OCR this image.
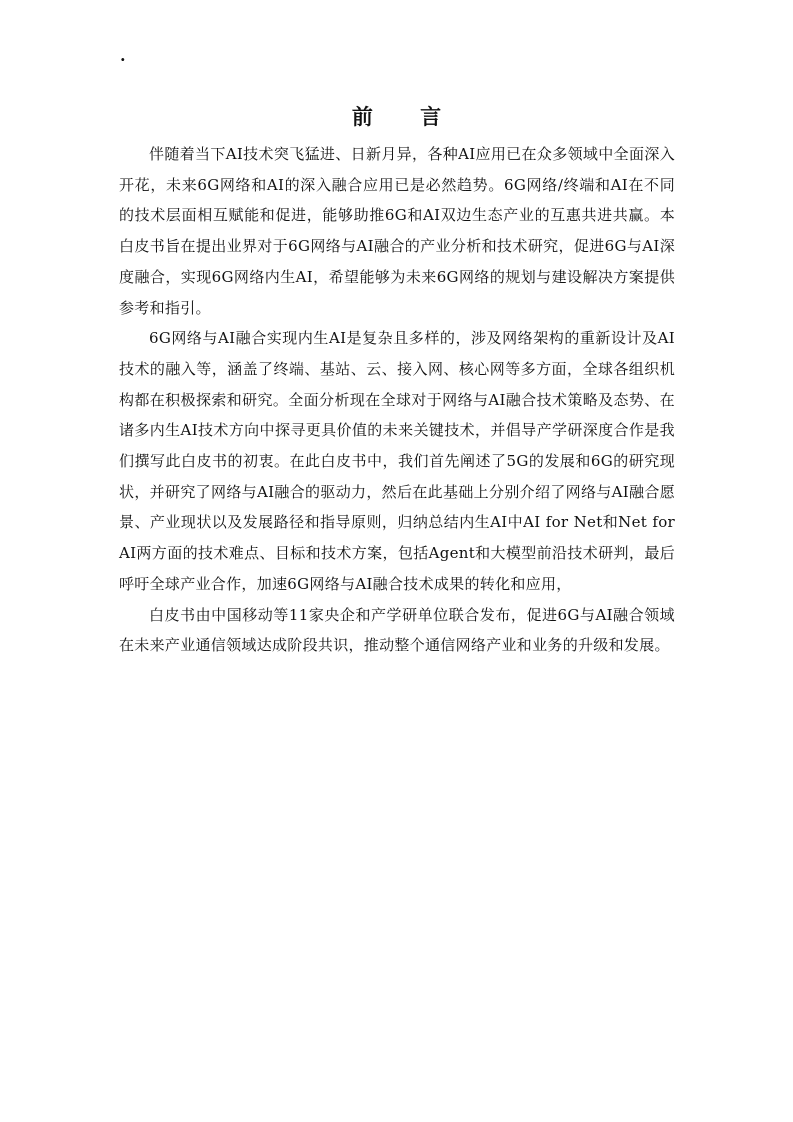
·
前 言

伴随着当下AI技术突飞猛进、日新月异，各种AI应用已在众多领域中全面深入开花，未来6G网络和AI的深入融合应用已是必然趋势。6G网络/终端和AI在不同的技术层面相互赋能和促进，能够助推6G和AI双边生态产业的互惠共进共赢。本白皮书旨在提出业界对于6G网络与AI融合的产业分析和技术研究，促进6G与AI深度融合，实现6G网络内生AI，希望能够为未来6G网络的规划与建设解决方案提供参考和指引。

6G网络与AI融合实现内生AI是复杂且多样的，涉及网络架构的重新设计及AI技术的融入等，涵盖了终端、基站、云、接入网、核心网等多方面，全球各组织机构都在积极探索和研究。全面分析现在全球对于网络与AI融合技术策略及态势、在诸多内生AI技术方向中探寻更具价值的未来关键技术，并倡导产学研深度合作是我们撰写此白皮书的初衷。在此白皮书中，我们首先阐述了5G的发展和6G的研究现状，并研究了网络与AI融合的驱动力，然后在此基础上分别介绍了网络与AI融合愿景、产业现状以及发展路径和指导原则，归纳总结内生AI中AI for Net和Net for AI两方面的技术难点、目标和技术方案，包括Agent和大模型前沿技术研判，最后呼吁全球产业合作，加速6G网络与AI融合技术成果的转化和应用，

白皮书由中国移动等11家央企和产学研单位联合发布，促进6G与AI融合领域在未来产业通信领域达成阶段共识，推动整个通信网络产业和业务的升级和发展。
